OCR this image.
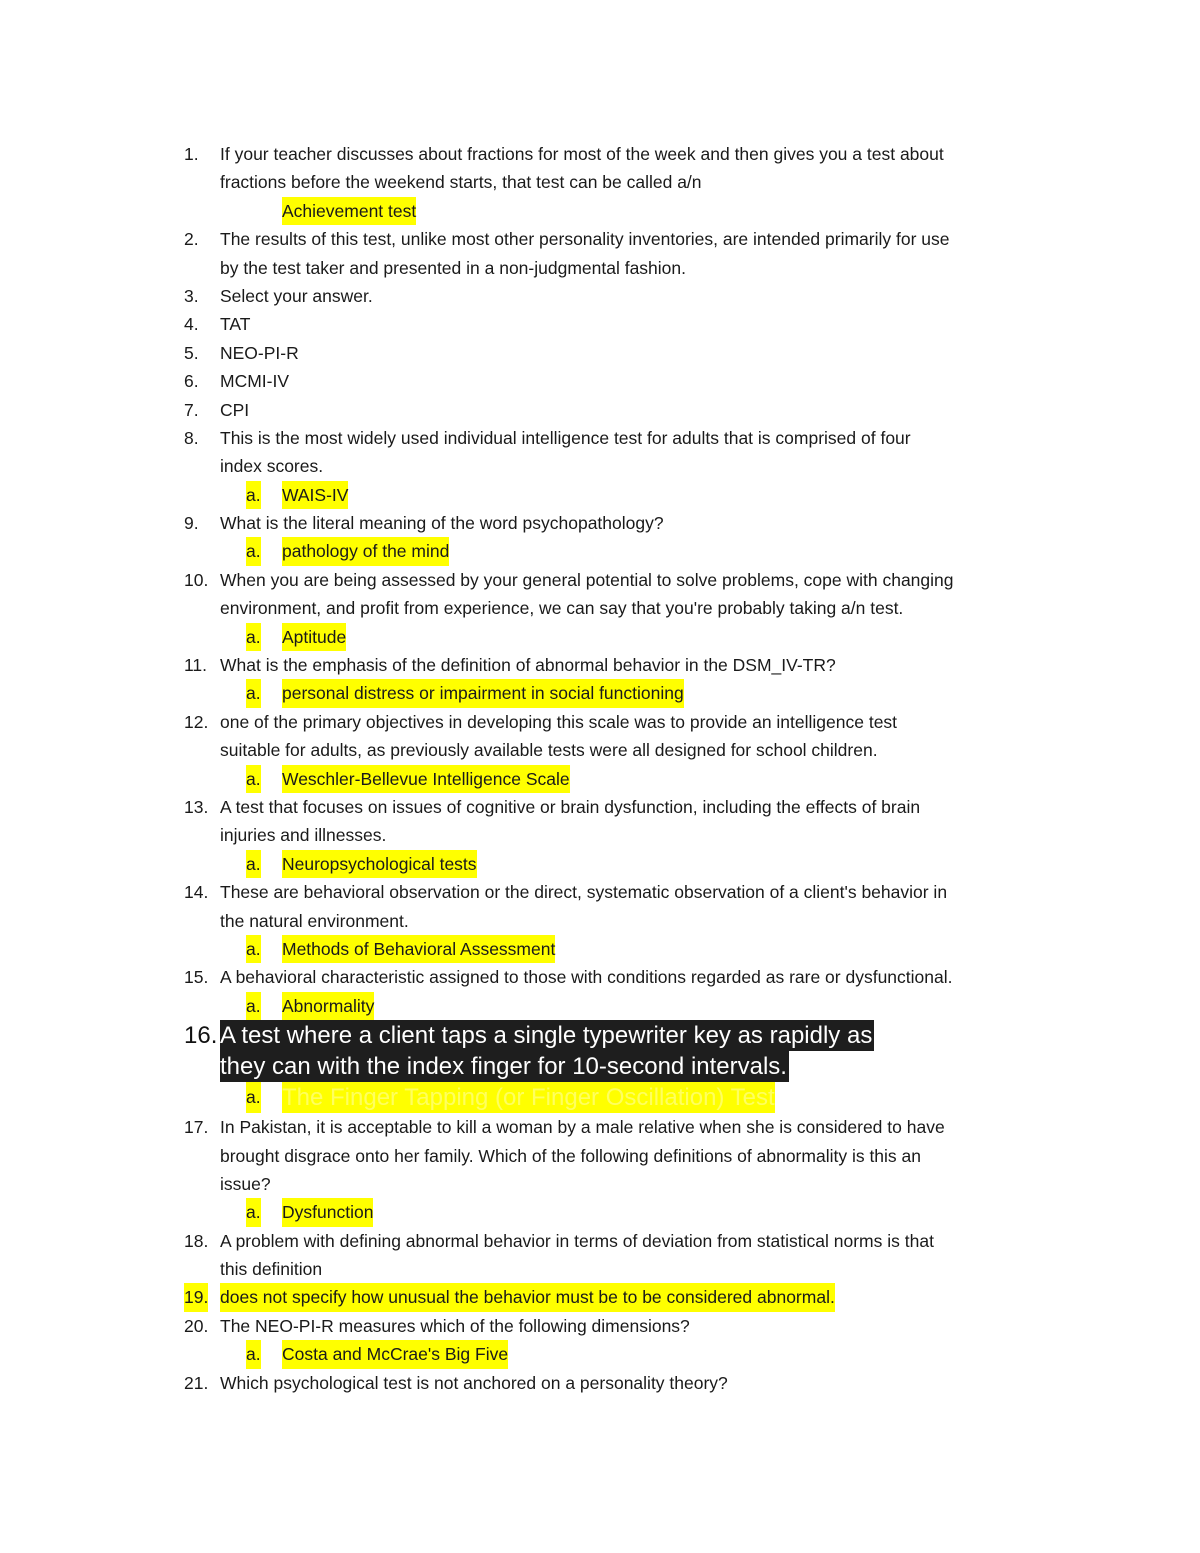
1. If your teacher discusses about fractions for most of the week and then gives you a test about
fractions before the weekend starts, that test can be called a/n
Achievement test
2. The results of this test, unlike most other personality inventories, are intended primarily for use
by the test taker and presented in a non-judgmental fashion.
3. Select your answer.
4. TAT
5. NEO-PI-R
6. MCMI-IV
7. CPI
8. This is the most widely used individual intelligence test for adults that is comprised of four
index scores.
a. WAIS-IV
9. What is the literal meaning of the word psychopathology?
a. pathology of the mind
10. When you are being assessed by your general potential to solve problems, cope with changing
environment, and profit from experience, we can say that you're probably taking a/n test.
a. Aptitude
11. What is the emphasis of the definition of abnormal behavior in the DSM_IV-TR?
a. personal distress or impairment in social functioning
12. one of the primary objectives in developing this scale was to provide an intelligence test
suitable for adults, as previously available tests were all designed for school children.
a. Weschler-Bellevue Intelligence Scale
13. A test that focuses on issues of cognitive or brain dysfunction, including the effects of brain
injuries and illnesses.
a. Neuropsychological tests
14. These are behavioral observation or the direct, systematic observation of a client's behavior in
the natural environment.
a. Methods of Behavioral Assessment
15. A behavioral characteristic assigned to those with conditions regarded as rare or dysfunctional.
a. Abnormality
16. A test where a client taps a single typewriter key as rapidly as
they can with the index finger for 10-second intervals.
a. The Finger Tapping (or Finger Oscillation) Test
17. In Pakistan, it is acceptable to kill a woman by a male relative when she is considered to have
brought disgrace onto her family. Which of the following definitions of abnormality is this an
issue?
a. Dysfunction
18. A problem with defining abnormal behavior in terms of deviation from statistical norms is that
this definition
19. does not specify how unusual the behavior must be to be considered abnormal.
20. The NEO-PI-R measures which of the following dimensions?
a. Costa and McCrae's Big Five
21. Which psychological test is not anchored on a personality theory?
